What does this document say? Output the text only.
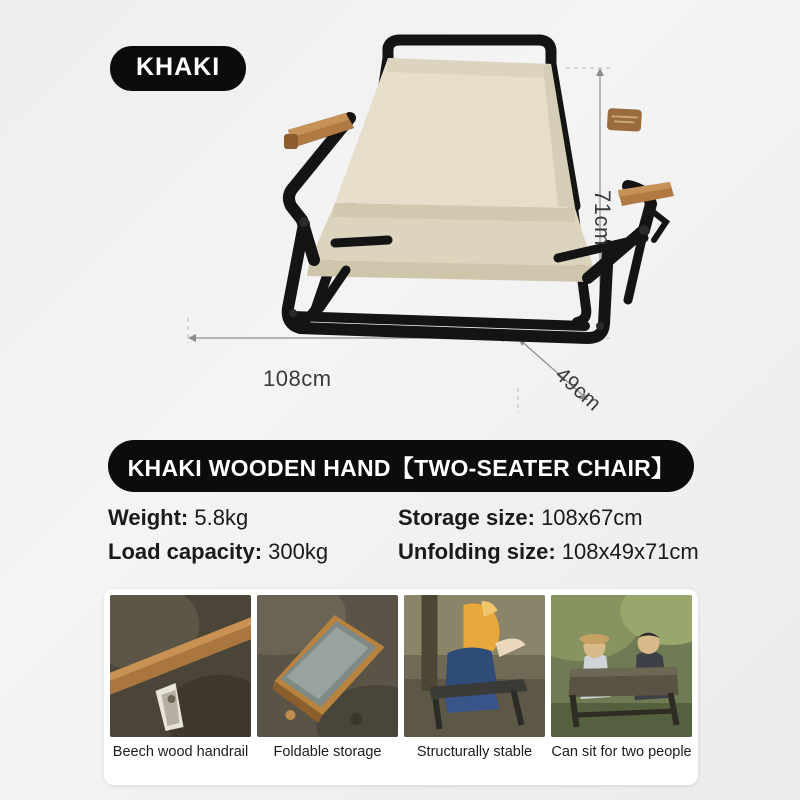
KHAKI
71cm
108cm	49cm
KHAKI WOODEN HAND【TWO-SEATER CHAIR】
Weight: 5.8kg	Storage size: 108x67cm
Load capacity: 300kg	Unfolding size: 108x49x71cm
Beech wood handrail Foldable storage Structurally stable Can sit for two people
